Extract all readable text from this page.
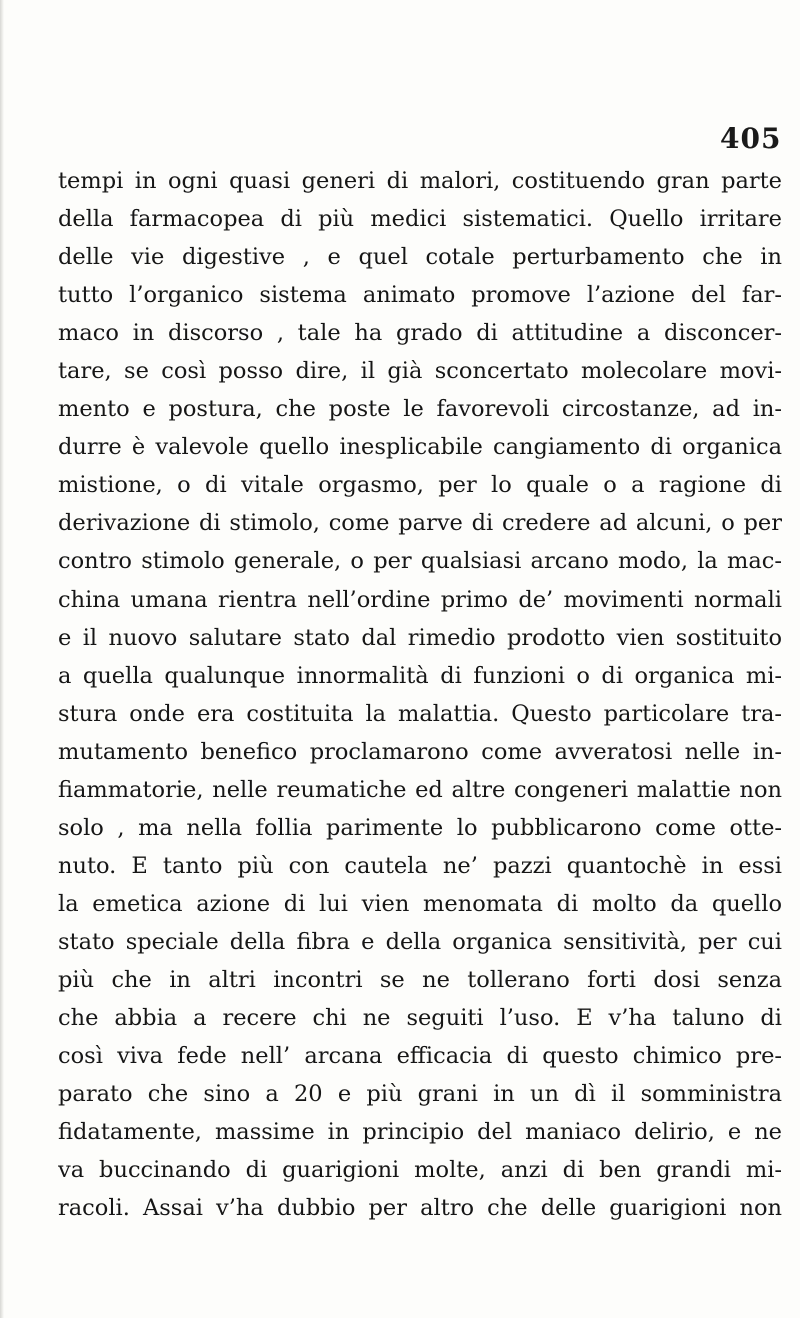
405
tempi in ogni quasi generi di malori, costituendo gran parte
della farmacopea di più medici sistematici. Quello irritare
delle vie digestive , e quel cotale perturbamento che in
tutto l’organico sistema animato promove l’azione del far-
maco in discorso , tale ha grado di attitudine a disconcer-
tare, se così posso dire, il già sconcertato molecolare movi-
mento e postura, che poste le favorevoli circostanze, ad in-
durre è valevole quello inesplicabile cangiamento di organica
mistione, o di vitale orgasmo, per lo quale o a ragione di
derivazione di stimolo, come parve di credere ad alcuni, o per
contro stimolo generale, o per qualsiasi arcano modo, la mac-
china umana rientra nell’ordine primo de’ movimenti normali
e il nuovo salutare stato dal rimedio prodotto vien sostituito
a quella qualunque innormalità di funzioni o di organica mi-
stura onde era costituita la malattia. Questo particolare tra-
mutamento benefico proclamarono come avveratosi nelle in-
fiammatorie, nelle reumatiche ed altre congeneri malattie non
solo , ma nella follia parimente lo pubblicarono come otte-
nuto. E tanto più con cautela ne’ pazzi quantochè in essi
la emetica azione di lui vien menomata di molto da quello
stato speciale della fibra e della organica sensitività, per cui
più che in altri incontri se ne tollerano forti dosi senza
che abbia a recere chi ne seguiti l’uso. E v’ha taluno di
così viva fede nell’ arcana efficacia di questo chimico pre-
parato che sino a 20 e più grani in un dì il somministra
fidatamente, massime in principio del maniaco delirio, e ne
va buccinando di guarigioni molte, anzi di ben grandi mi-
racoli. Assai v’ha dubbio per altro che delle guarigioni non
